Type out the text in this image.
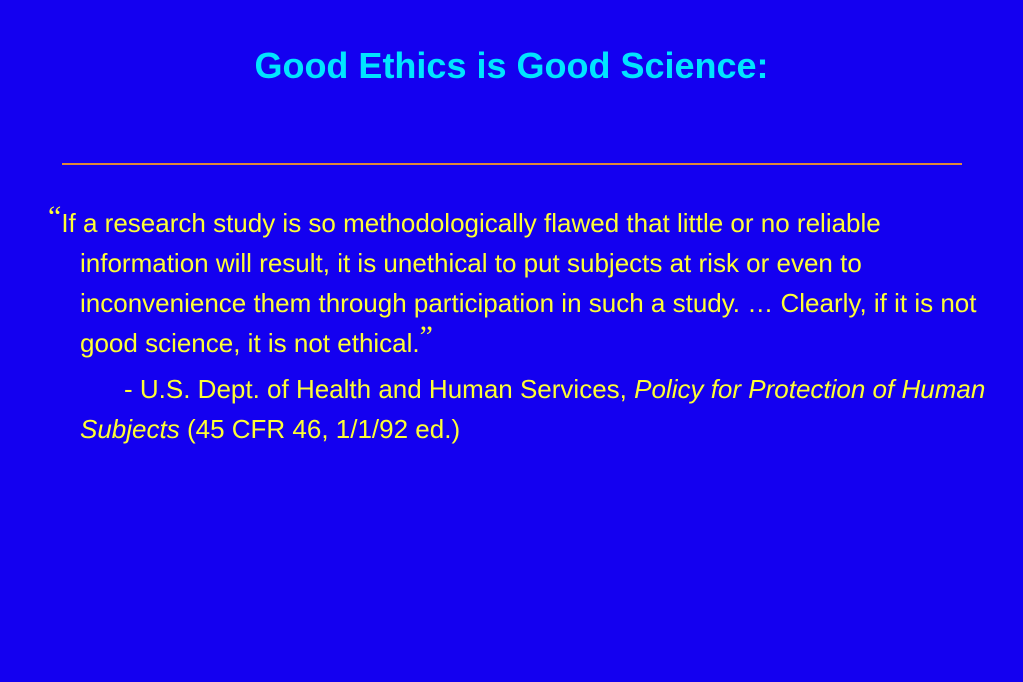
Good Ethics is Good Science:

“If a research study is so methodologically flawed that little or no reliable information will result, it is unethical to put subjects at risk or even to inconvenience them through participation in such a study. … Clearly, if it is not good science, it is not ethical.”

- U.S. Dept. of Health and Human Services, Policy for Protection of Human Subjects (45 CFR 46, 1/1/92 ed.)
